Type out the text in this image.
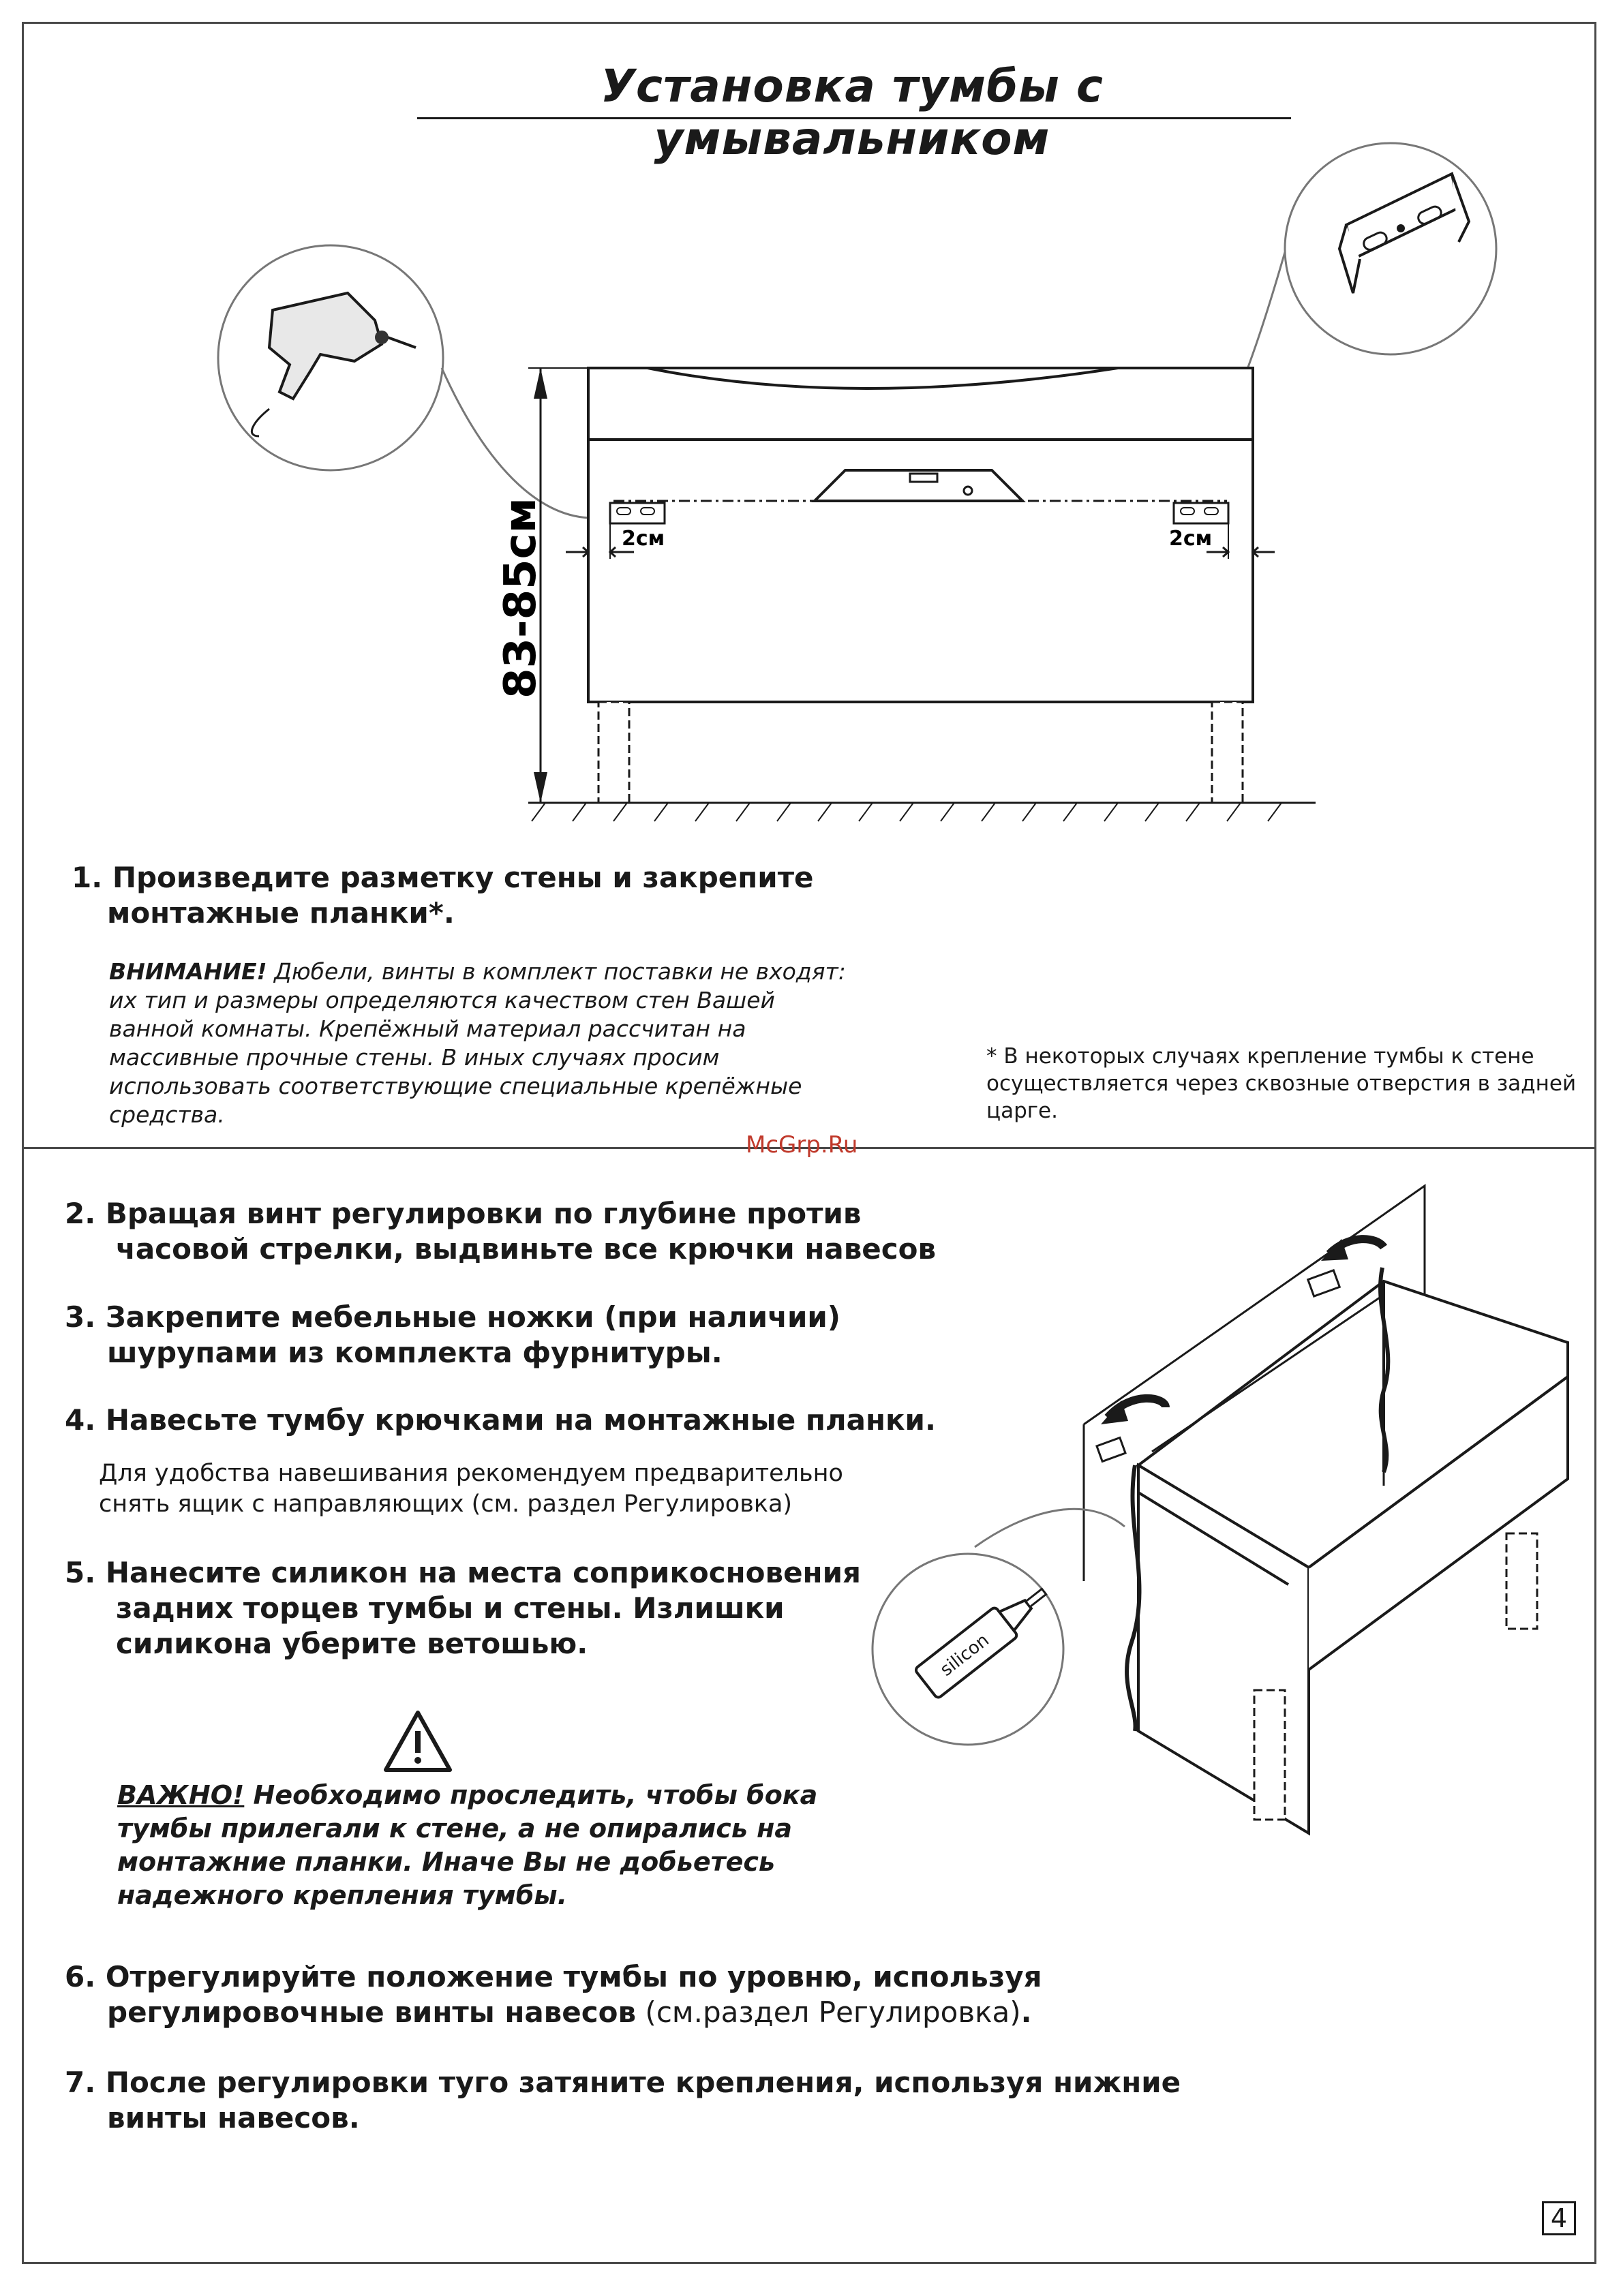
Установка тумбы с умывальником
2см	2см
83-85см
1. Произведите разметку стены и закрепите
монтажные планки*.
ВНИМАНИЕ! Дюбели, винты в комплект поставки не входят:
их тип и размеры определяются качеством стен Вашей
ванной комнаты. Крепёжный материал рассчитан на
массивные прочные стены. В иных случаях просим
использовать соответствующие специальные крепёжные
средства.
* В некоторых случаях крепление тумбы к стене
осуществляется через сквозные отверстия в задней
царге.
McGrp.Ru
2. Вращая винт регулировки по глубине против
часовой стрелки, выдвиньте все крючки навесов
3. Закрепите мебельные ножки (при наличии)
шурупами из комплекта фурнитуры.
4. Навесьте тумбу крючками на монтажные планки.
Для удобства навешивания рекомендуем предварительно
снять ящик с направляющих (см. раздел Регулировка)
5. Нанесите силикон на места соприкосновения
задних торцев тумбы и стены. Излишки
силикона уберите ветошью.
ВАЖНО! Необходимо проследить, чтобы бока
тумбы прилегали к стене, а не опирались на
монтажние планки. Иначе Вы не добьетесь
надежного крепления тумбы.
6. Отрегулируйте положение тумбы по уровню, используя
регулировочные винты навесов (см.раздел Регулировка).
7. После регулировки туго затяните крепления, используя нижние
винты навесов.
silicon
4
